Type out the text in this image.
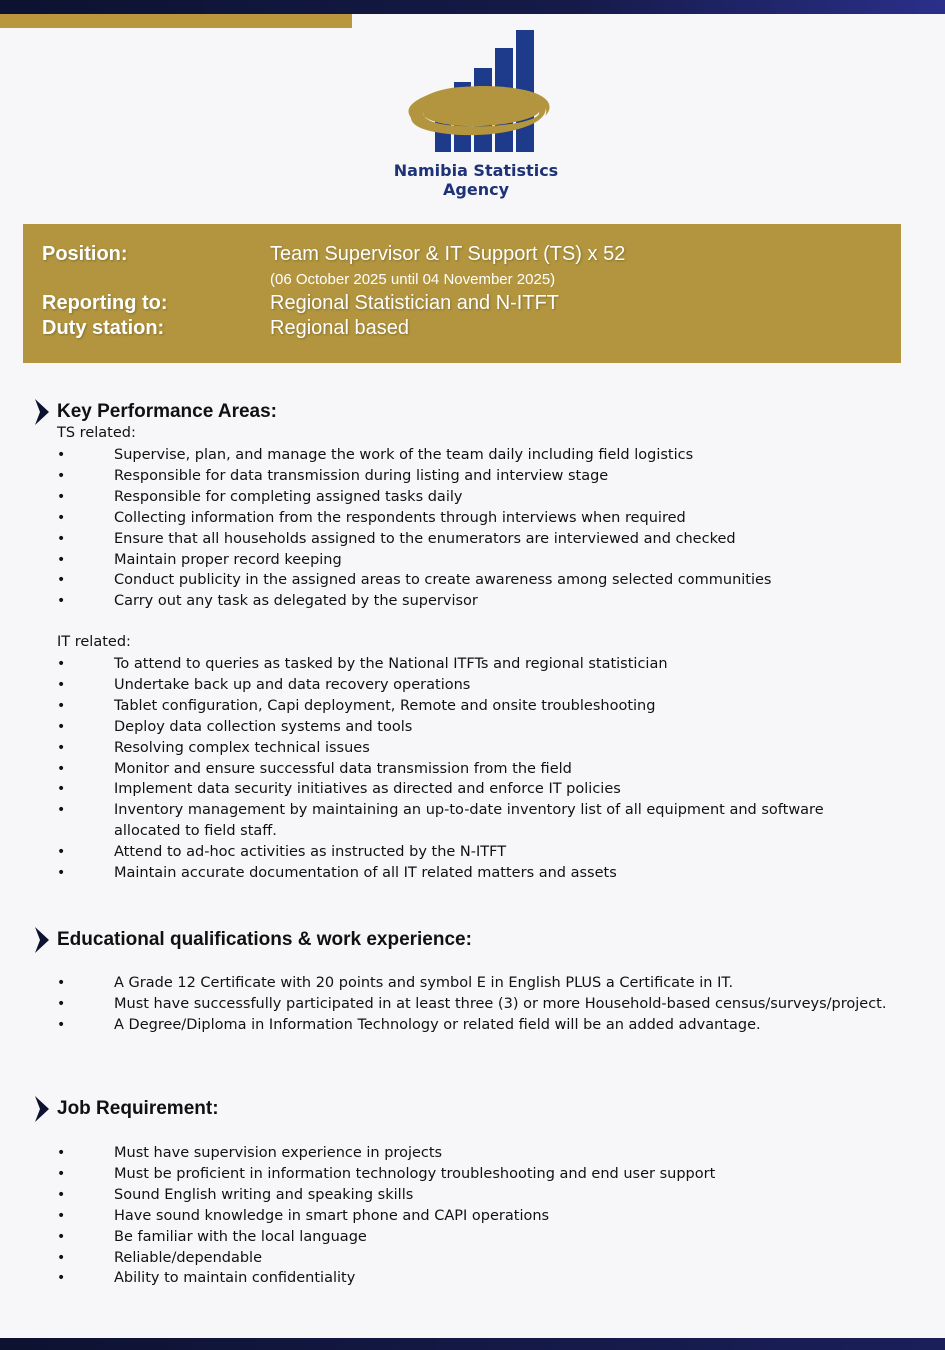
Namibia Statistics
Agency
Position:	Team Supervisor & IT Support (TS) x 52
(06 October 2025 until 04 November 2025)
Reporting to:	Regional Statistician and N-ITFT
Duty station:	Regional based
Key Performance Areas:
TS related:
• Supervise, plan, and manage the work of the team daily including field logistics
• Responsible for data transmission during listing and interview stage
• Responsible for completing assigned tasks daily
• Collecting information from the respondents through interviews when required
• Ensure that all households assigned to the enumerators are interviewed and checked
• Maintain proper record keeping
• Conduct publicity in the assigned areas to create awareness among selected communities
• Carry out any task as delegated by the supervisor
IT related:
• To attend to queries as tasked by the National ITFTs and regional statistician
• Undertake back up and data recovery operations
• Tablet configuration, Capi deployment, Remote and onsite troubleshooting
• Deploy data collection systems and tools
• Resolving complex technical issues
• Monitor and ensure successful data transmission from the field
• Implement data security initiatives as directed and enforce IT policies
• Inventory management by maintaining an up-to-date inventory list of all equipment and software allocated to field staff.
• Attend to ad-hoc activities as instructed by the N-ITFT
• Maintain accurate documentation of all IT related matters and assets
Educational qualifications & work experience:
• A Grade 12 Certificate with 20 points and symbol E in English PLUS a Certificate in IT.
• Must have successfully participated in at least three (3) or more Household-based census/surveys/project.
• A Degree/Diploma in Information Technology or related field will be an added advantage.
Job Requirement:
• Must have supervision experience in projects
• Must be proficient in information technology troubleshooting and end user support
• Sound English writing and speaking skills
• Have sound knowledge in smart phone and CAPI operations
• Be familiar with the local language
• Reliable/dependable
• Ability to maintain confidentiality
